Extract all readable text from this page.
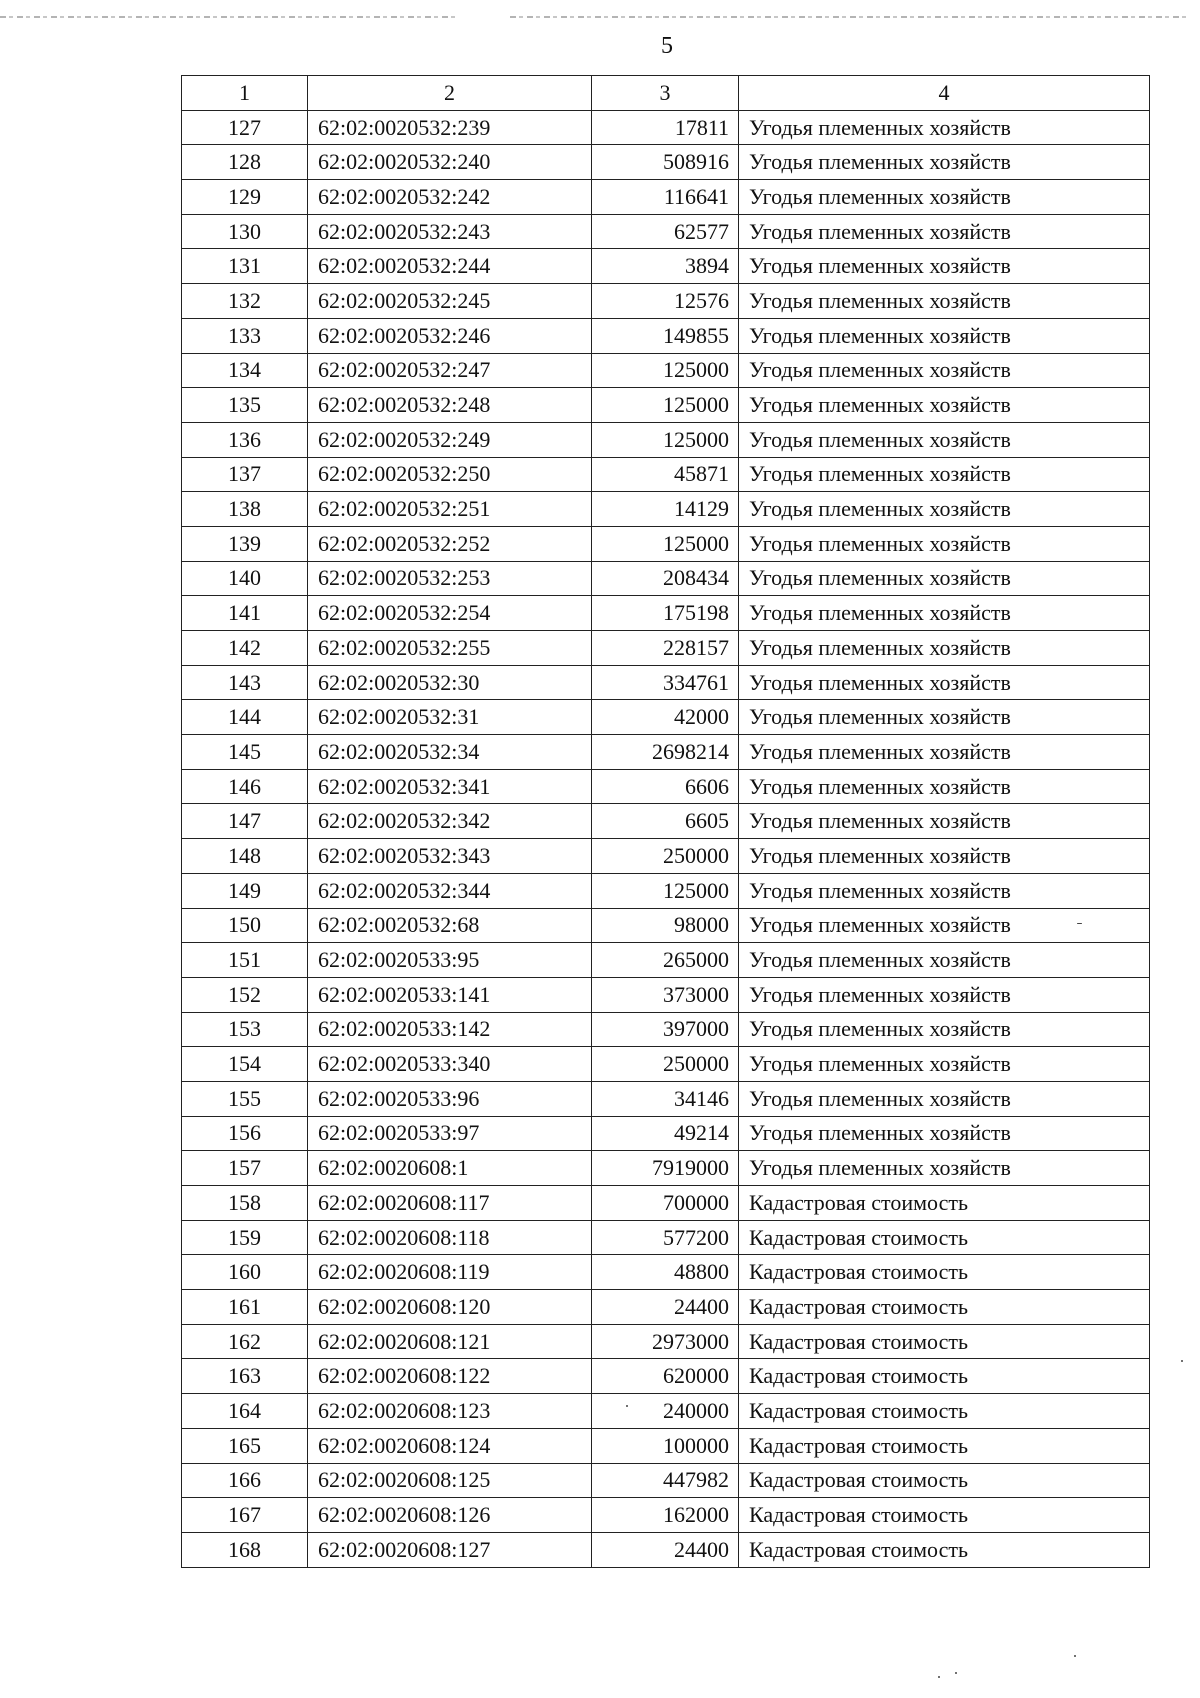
5
1	2	3	4
127	62:02:0020532:239	17811	Угодья племенных хозяйств
128	62:02:0020532:240	508916	Угодья племенных хозяйств
129	62:02:0020532:242	116641	Угодья племенных хозяйств
130	62:02:0020532:243	62577	Угодья племенных хозяйств
131	62:02:0020532:244	3894	Угодья племенных хозяйств
132	62:02:0020532:245	12576	Угодья племенных хозяйств
133	62:02:0020532:246	149855	Угодья племенных хозяйств
134	62:02:0020532:247	125000	Угодья племенных хозяйств
135	62:02:0020532:248	125000	Угодья племенных хозяйств
136	62:02:0020532:249	125000	Угодья племенных хозяйств
137	62:02:0020532:250	45871	Угодья племенных хозяйств
138	62:02:0020532:251	14129	Угодья племенных хозяйств
139	62:02:0020532:252	125000	Угодья племенных хозяйств
140	62:02:0020532:253	208434	Угодья племенных хозяйств
141	62:02:0020532:254	175198	Угодья племенных хозяйств
142	62:02:0020532:255	228157	Угодья племенных хозяйств
143	62:02:0020532:30	334761	Угодья племенных хозяйств
144	62:02:0020532:31	42000	Угодья племенных хозяйств
145	62:02:0020532:34	2698214	Угодья племенных хозяйств
146	62:02:0020532:341	6606	Угодья племенных хозяйств
147	62:02:0020532:342	6605	Угодья племенных хозяйств
148	62:02:0020532:343	250000	Угодья племенных хозяйств
149	62:02:0020532:344	125000	Угодья племенных хозяйств
150	62:02:0020532:68	98000	Угодья племенных хозяйств
151	62:02:0020533:95	265000	Угодья племенных хозяйств
152	62:02:0020533:141	373000	Угодья племенных хозяйств
153	62:02:0020533:142	397000	Угодья племенных хозяйств
154	62:02:0020533:340	250000	Угодья племенных хозяйств
155	62:02:0020533:96	34146	Угодья племенных хозяйств
156	62:02:0020533:97	49214	Угодья племенных хозяйств
157	62:02:0020608:1	7919000	Угодья племенных хозяйств
158	62:02:0020608:117	700000	Кадастровая стоимость
159	62:02:0020608:118	577200	Кадастровая стоимость
160	62:02:0020608:119	48800	Кадастровая стоимость
161	62:02:0020608:120	24400	Кадастровая стоимость
162	62:02:0020608:121	2973000	Кадастровая стоимость
163	62:02:0020608:122	620000	Кадастровая стоимость
164	62:02:0020608:123	240000	Кадастровая стоимость
165	62:02:0020608:124	100000	Кадастровая стоимость
166	62:02:0020608:125	447982	Кадастровая стоимость
167	62:02:0020608:126	162000	Кадастровая стоимость
168	62:02:0020608:127	24400	Кадастровая стоимость
